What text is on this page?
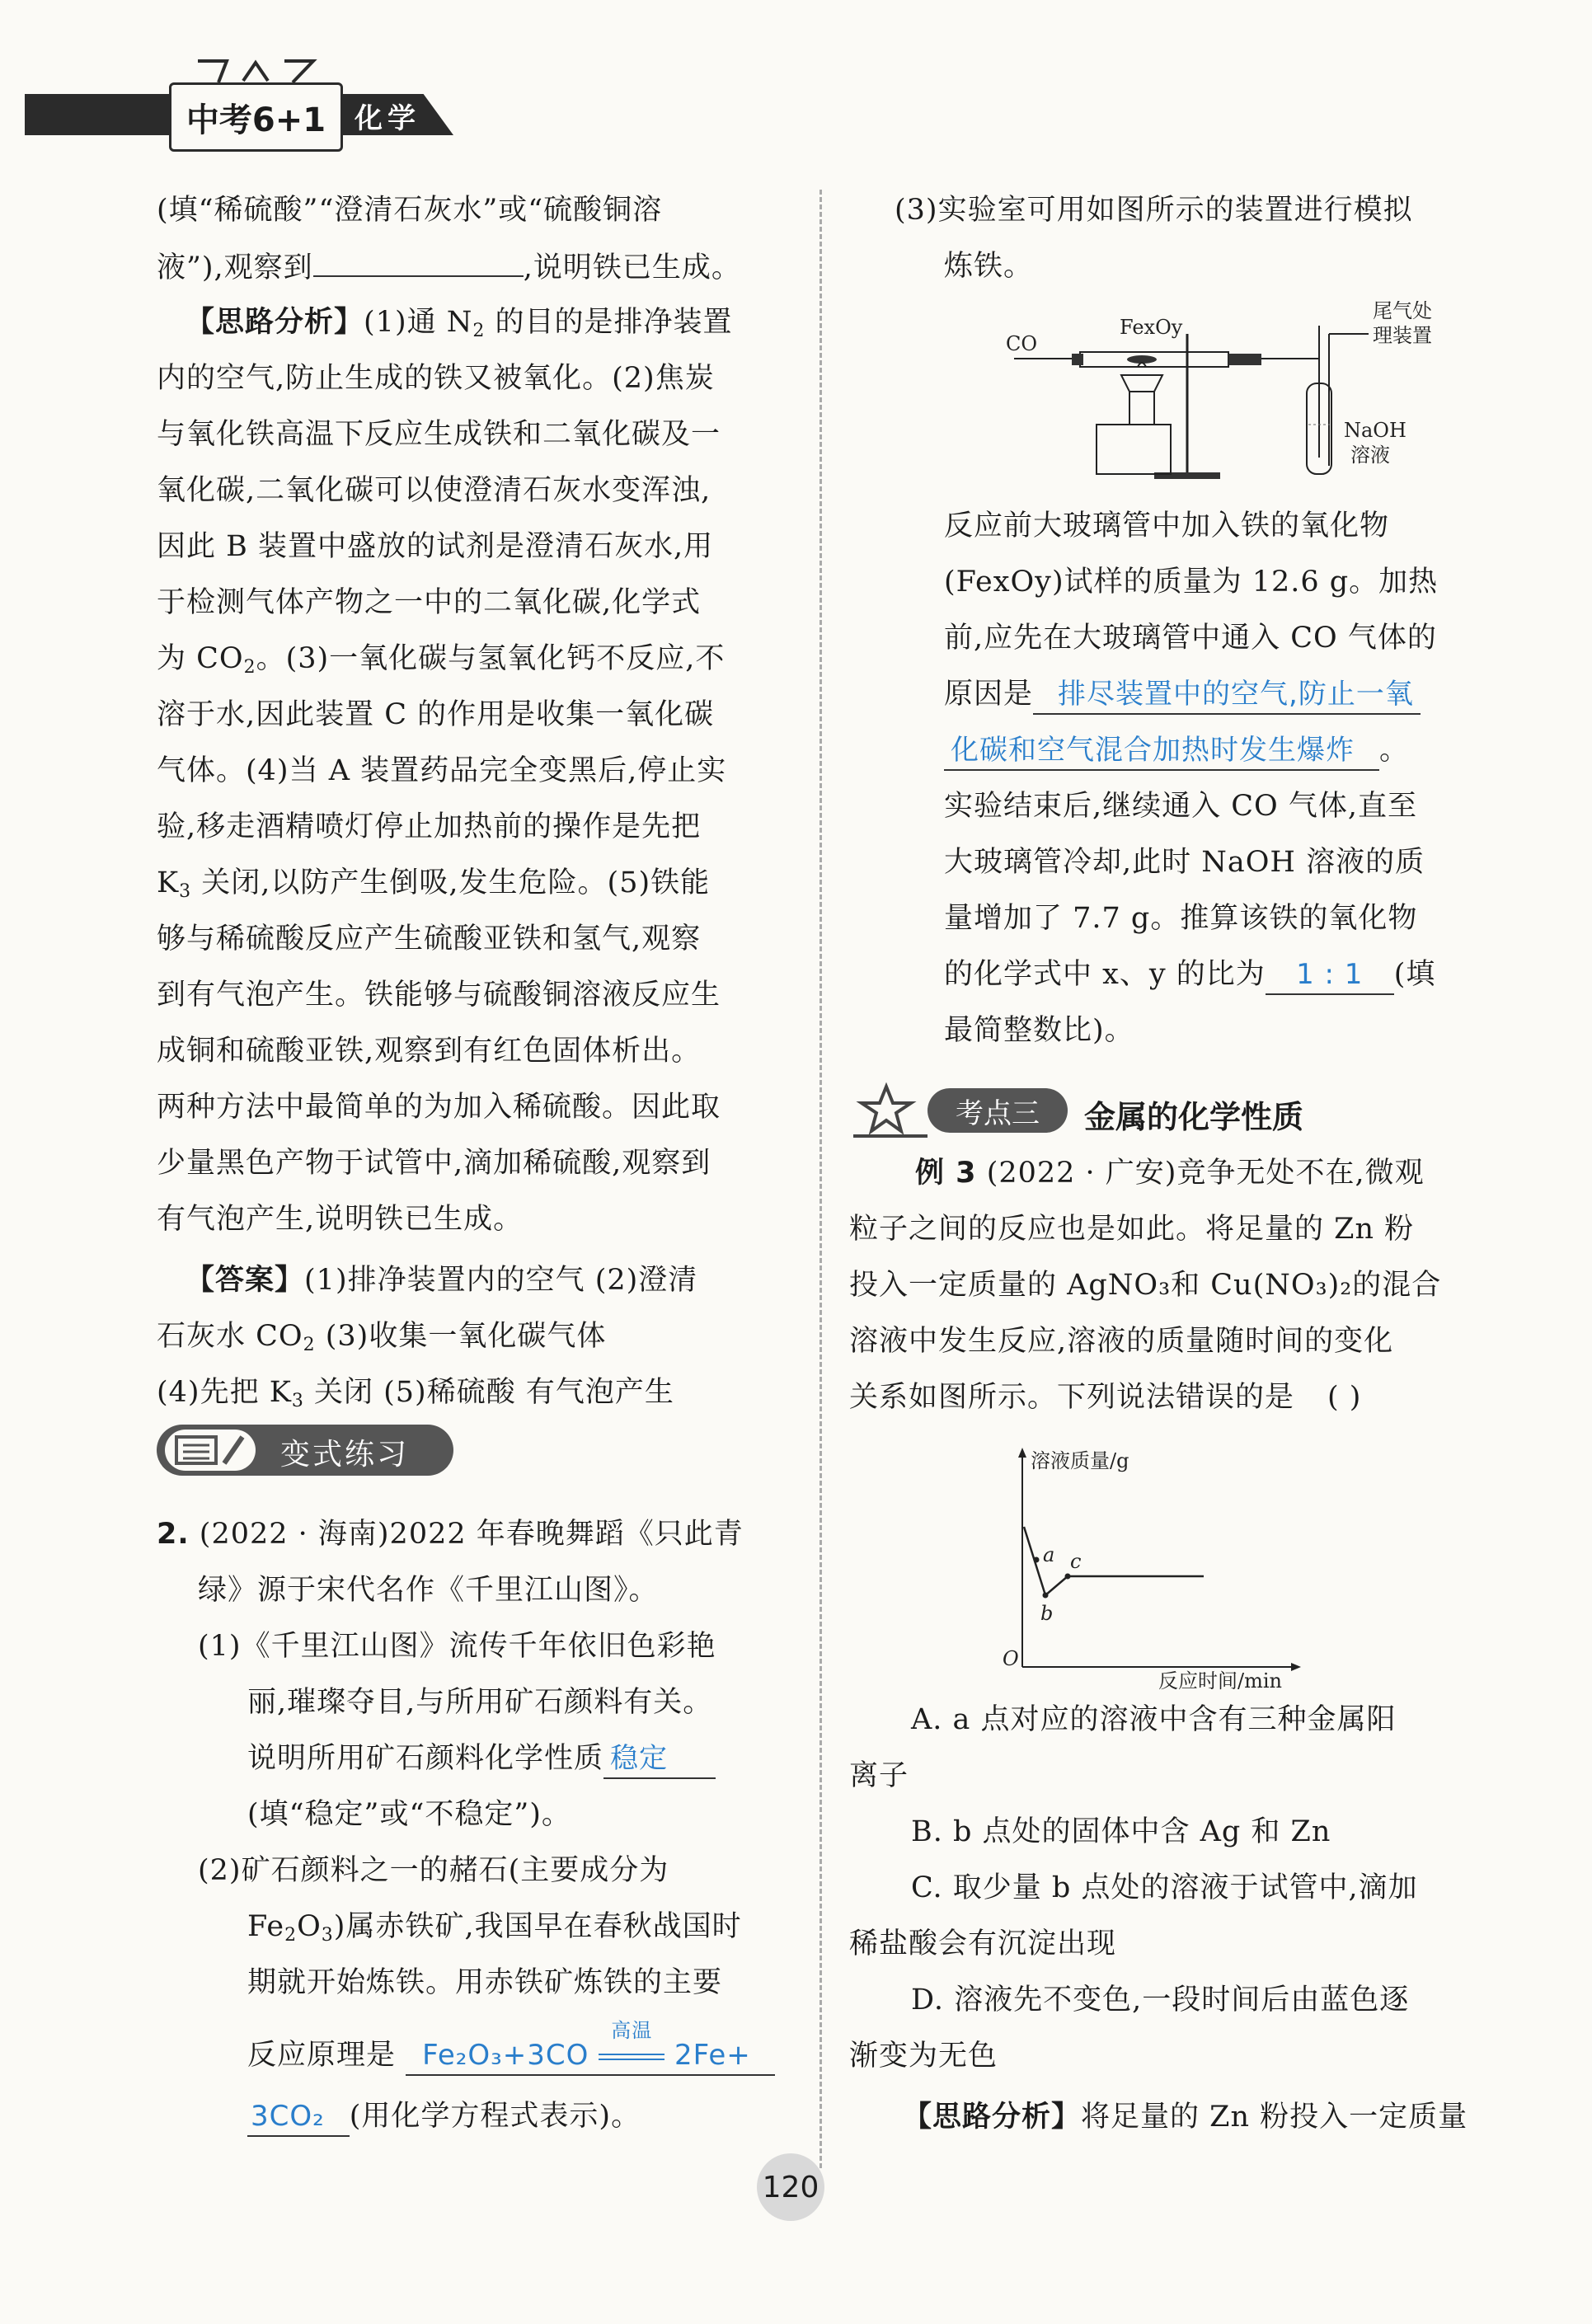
中考6+1	化学
(填“稀硫酸”“澄清石灰水”或“硫酸铜溶
液”),观察到	,说明铁已生成。
【思路分析】(1)通 $N_2$ 的目的是排净装置
内的空气,防止生成的铁又被氧化。(2)焦炭
与氧化铁高温下反应生成铁和二氧化碳及一
氧化碳,二氧化碳可以使澄清石灰水变浑浊,
因此 B 装置中盛放的试剂是澄清石灰水,用
于检测气体产物之一中的二氧化碳,化学式
为 $CO_2$。(3)一氧化碳与氢氧化钙不反应,不
溶于水,因此装置 C 的作用是收集一氧化碳
气体。(4)当 A 装置药品完全变黑后,停止实
验,移走酒精喷灯停止加热前的操作是先把
$K_3$ 关闭,以防产生倒吸,发生危险。(5)铁能
够与稀硫酸反应产生硫酸亚铁和氢气,观察
到有气泡产生。铁能够与硫酸铜溶液反应生
成铜和硫酸亚铁,观察到有红色固体析出。
两种方法中最简单的为加入稀硫酸。因此取
少量黑色产物于试管中,滴加稀硫酸,观察到
有气泡产生,说明铁已生成。
【答案】(1)排净装置内的空气 (2)澄清
石灰水 $CO_2$ (3)收集一氧化碳气体
(4)先把 $K_3$ 关闭 (5)稀硫酸 有气泡产生
变式练习
2. (2022 · 海南)2022 年春晚舞蹈《只此青
绿》源于宋代名作《千里江山图》。
(1)《千里江山图》流传千年依旧色彩艳
丽,璀璨夺目,与所用矿石颜料有关。
说明所用矿石颜料化学性质 稳定
(填“稳定”或“不稳定”)。
(2)矿石颜料之一的赭石(主要成分为
$Fe_2O_3$)属赤铁矿,我国早在春秋战国时
期就开始炼铁。用赤铁矿炼铁的主要
反应原理是 Fe₂O₃+3CO
高温
2Fe+
3CO₂ (用化学方程式表示)。
(3)实验室可用如图所示的装置进行模拟
炼铁。
FexOy
CO
尾气处
理装置
NaOH
溶液
反应前大玻璃管中加入铁的氧化物
(FexOy)试样的质量为 12.6 g。加热
前,应先在大玻璃管中通入 CO 气体的
原因是 排尽装置中的空气,防止一氧
化碳和空气混合加热时发生爆炸 。
实验结束后,继续通入 CO 气体,直至
大玻璃管冷却,此时 NaOH 溶液的质
量增加了 7.7 g。推算该铁的氧化物
的化学式中 x、y 的比为 1 : 1 (填
最简整数比)。
考点三	金属的化学性质
例 3 (2022 · 广安)竞争无处不在,微观
粒子之间的反应也是如此。将足量的 Zn 粉
投入一定质量的 AgNO₃和 Cu(NO₃)₂的混合
溶液中发生反应,溶液的质量随时间的变化
关系如图所示。下列说法错误的是 ( )
a
b
c
溶液质量/g
反应时间/min
O
A. a 点对应的溶液中含有三种金属阳
离子
B. b 点处的固体中含 Ag 和 Zn
C. 取少量 b 点处的溶液于试管中,滴加
稀盐酸会有沉淀出现
D. 溶液先不变色,一段时间后由蓝色逐
渐变为无色
【思路分析】将足量的 Zn 粉投入一定质量
120
